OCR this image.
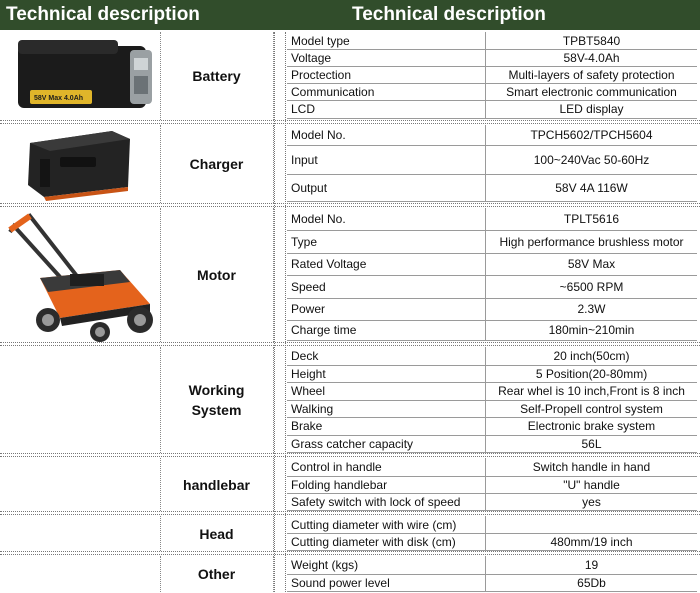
Technical description	Technical description
58V Max 4.0Ah
Battery
Model type	TPBT5840
Voltage	58V-4.0Ah
Proctection	Multi-layers of safety protection
Communication	Smart electronic communication
LCD	LED display
Charger
Model No.	TPCH5602/TPCH5604
Input	100~240Vac 50-60Hz
Output	58V 4A 116W
Motor
Model No.	TPLT5616
Type	High performance brushless motor
Rated Voltage	58V Max
Speed	~6500 RPM
Power	2.3W
Charge time	180min~210min
Working
System
Deck	20 inch(50cm)
Height	5 Position(20-80mm)
Wheel	Rear whel is 10 inch,Front is 8 inch
Walking	Self-Propell control system
Brake	Electronic brake system
Grass catcher capacity	56L
handlebar
Control in handle	Switch handle in hand
Folding handlebar	"U" handle
Safety switch with lock of speed	yes
Head
Cutting diameter with wire (cm)
Cutting diameter with disk (cm)	480mm/19 inch
Other
Weight (kgs)	19
Sound power level	65Db
